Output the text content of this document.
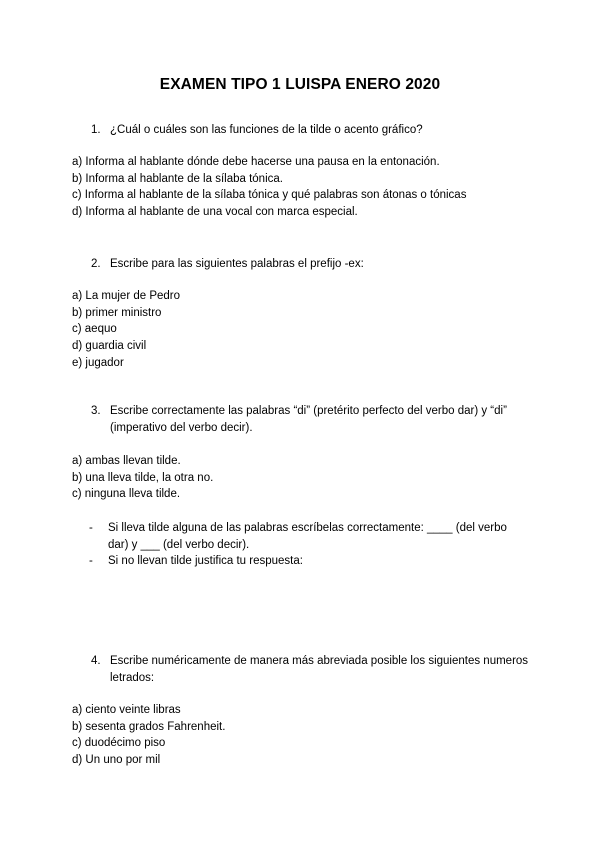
EXAMEN TIPO 1 LUISPA ENERO 2020
1. ¿Cuál o cuáles son las funciones de la tilde o acento gráfico?
a) Informa al hablante dónde debe hacerse una pausa en la entonación.
b) Informa al hablante de la sílaba tónica.
c) Informa al hablante de la sílaba tónica y qué palabras son átonas o tónicas
d) Informa al hablante de una vocal con marca especial.
2. Escribe para las siguientes palabras el prefijo -ex:
a) La mujer de Pedro
b) primer ministro
c) aequo
d) guardia civil
e) jugador
3. Escribe correctamente las palabras “di” (pretérito perfecto del verbo dar) y “di” (imperativo del verbo decir).
a) ambas llevan tilde.
b) una lleva tilde, la otra no.
c) ninguna lleva tilde.
- Si lleva tilde alguna de las palabras escríbelas correctamente: ____ (del verbo dar) y ___ (del verbo decir).
- Si no llevan tilde justifica tu respuesta:
4. Escribe numéricamente de manera más abreviada posible los siguientes numeros letrados:
a) ciento veinte libras
b) sesenta grados Fahrenheit.
c) duodécimo piso
d) Un uno por mil
